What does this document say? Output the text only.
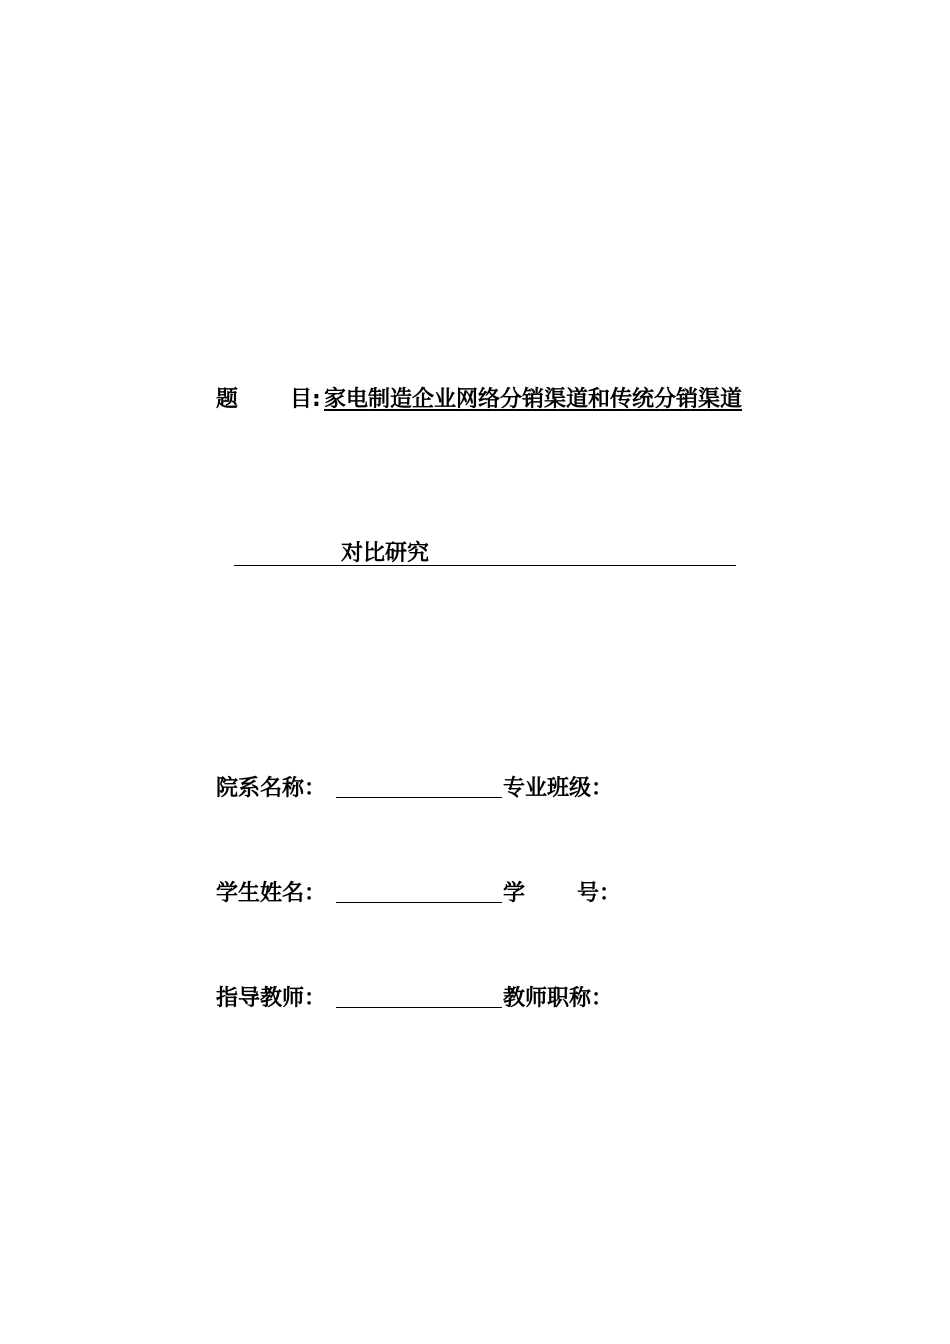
题 目: 家电制造企业网络分销渠道和传统分销渠道
对比研究
院系名称：	专业班级：
学生姓名：	学 号：
指导教师：	教师职称：
